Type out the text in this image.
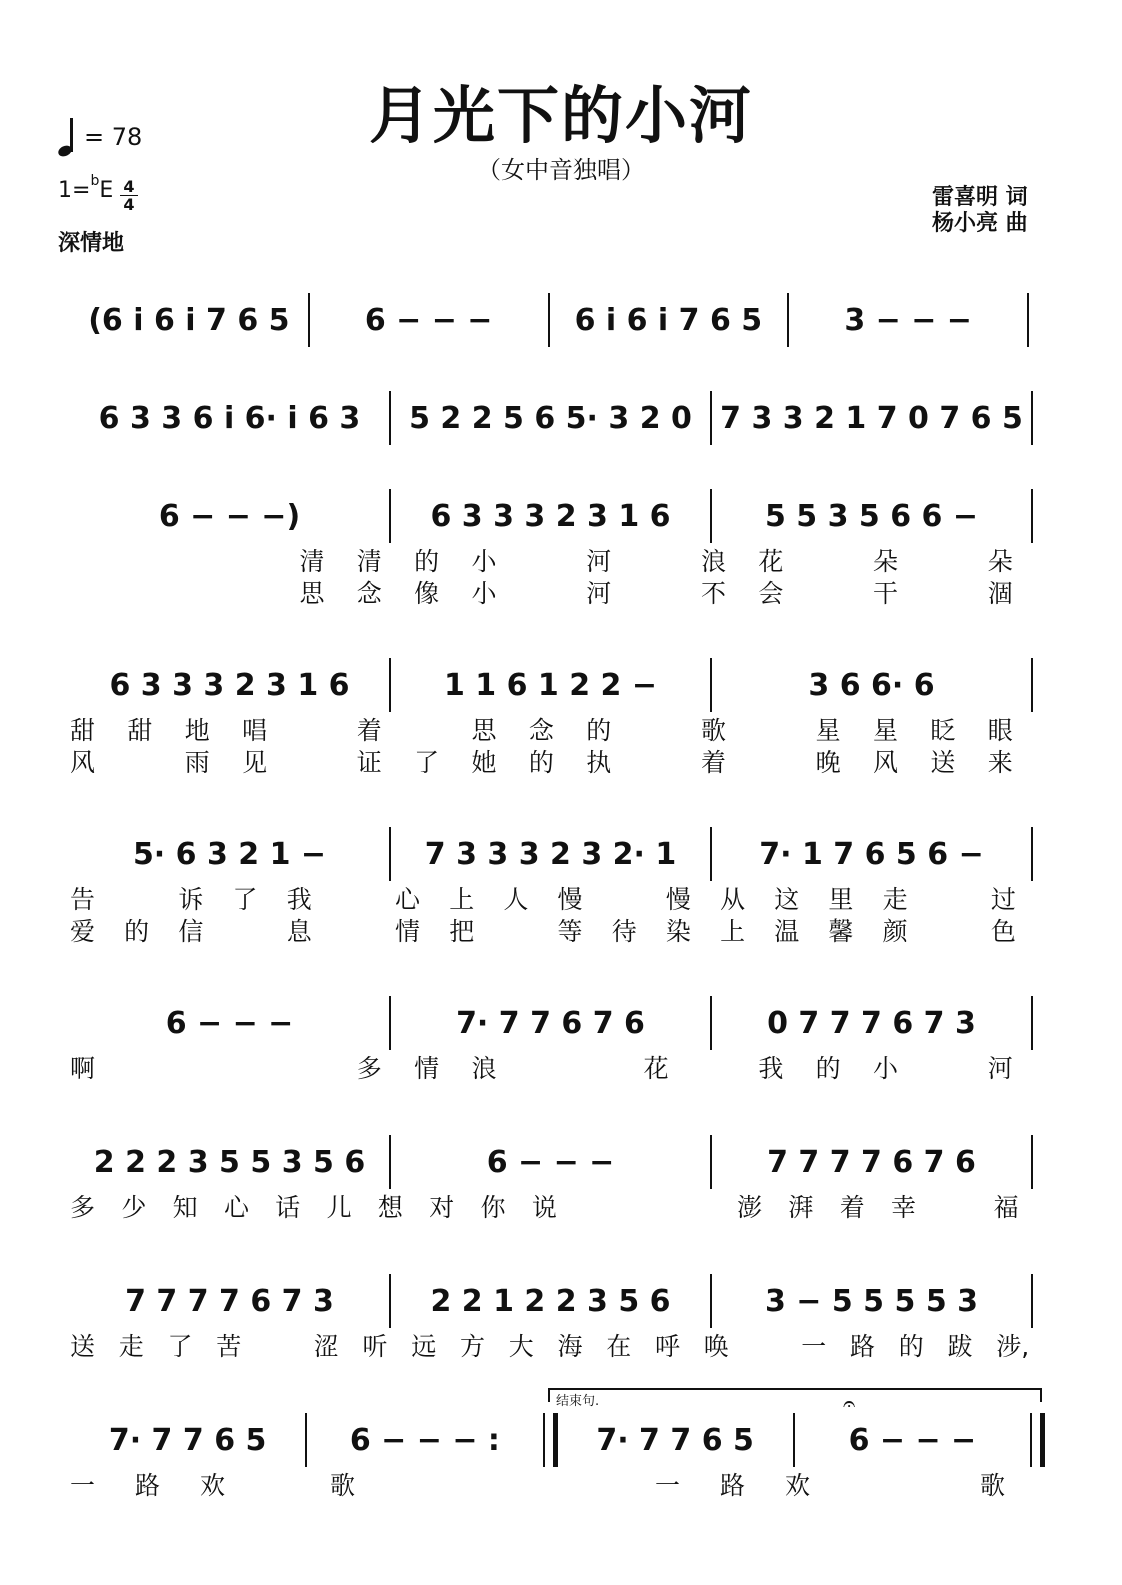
月光下的小河
（女中音独唱）
= 78
1=$^b$E 4
4
深情地
雷喜明 词
杨小亮 曲
结束句.	𝄐
(6 i 6 i 7 6 5	6 − − −	6 i 6 i 7 6 5	3 − − −
6 3 3 6 i 6· i 6 3	5 2 2 5 6 5· 3 2 0 7 3 3 2 1 7 0 7 6 5
6 − − −)	6 3 3 3 2 3 1 6	5 5 3 5 6 6 −
清	清	的	小	河	浪	花	朵	朵
思	念	像	小	河	不	会	干	涸
6 3 3 3 2 3 1 6	1 1 6 1 2 2 −	3 6 6· 6
甜	甜	地	唱	着	思	念	的	歌	星	星	眨	眼
风	雨	见	证	了	她	的	执	着	晚	风	送	来
5· 6 3 2 1 −	7 3 3 3 2 3 2· 1	7· 1 7 6 5 6 −
告	诉	了	我	心	上	人	慢	慢	从	这	里	走	过
爱	的	信	息	情	把	等	待	染	上	温	馨	颜	色
6 − − −	7· 7 7 6 7 6	0 7 7 7 6 7 3
啊	多	情	浪	花	我	的	小	河
2 2 2 3 5 5 3 5 6	6 − − −	7 7 7 7 6 7 6
多	少	知	心	话	儿	想	对	你	说	澎	湃	着	幸	福
7 7 7 7 6 7 3	2 2 1 2 2 3 5 6	3 − 5 5 5 5 3
送 走 了 苦	涩 听 远 方 大 海 在 呼 唤	一 路 的 跋 涉,
7· 7 7 6 5	6 − − − :	7· 7 7 6 5	6 − − −
一	路	欢	歌	一	路	欢	歌
